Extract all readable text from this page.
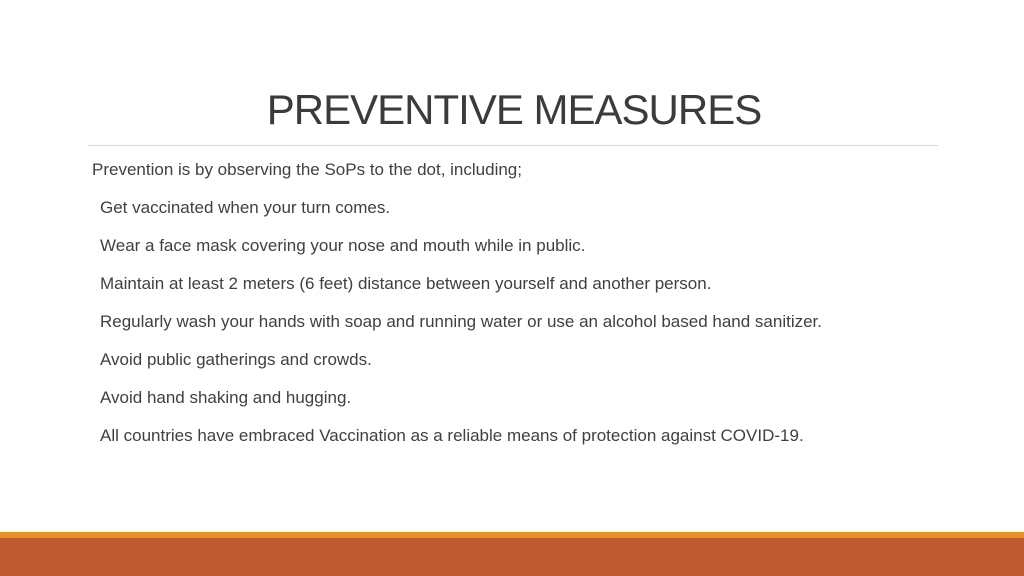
PREVENTIVE MEASURES
Prevention is by observing the SoPs to the dot, including;
Get vaccinated when your turn comes.
Wear a face mask covering your nose and mouth while in public.
Maintain at least 2 meters (6 feet) distance between yourself and another person.
Regularly wash your hands with soap and running water or use an alcohol based hand sanitizer.
Avoid public gatherings and crowds.
Avoid hand shaking and hugging.
All countries have embraced Vaccination as a reliable means of protection against COVID-19.
